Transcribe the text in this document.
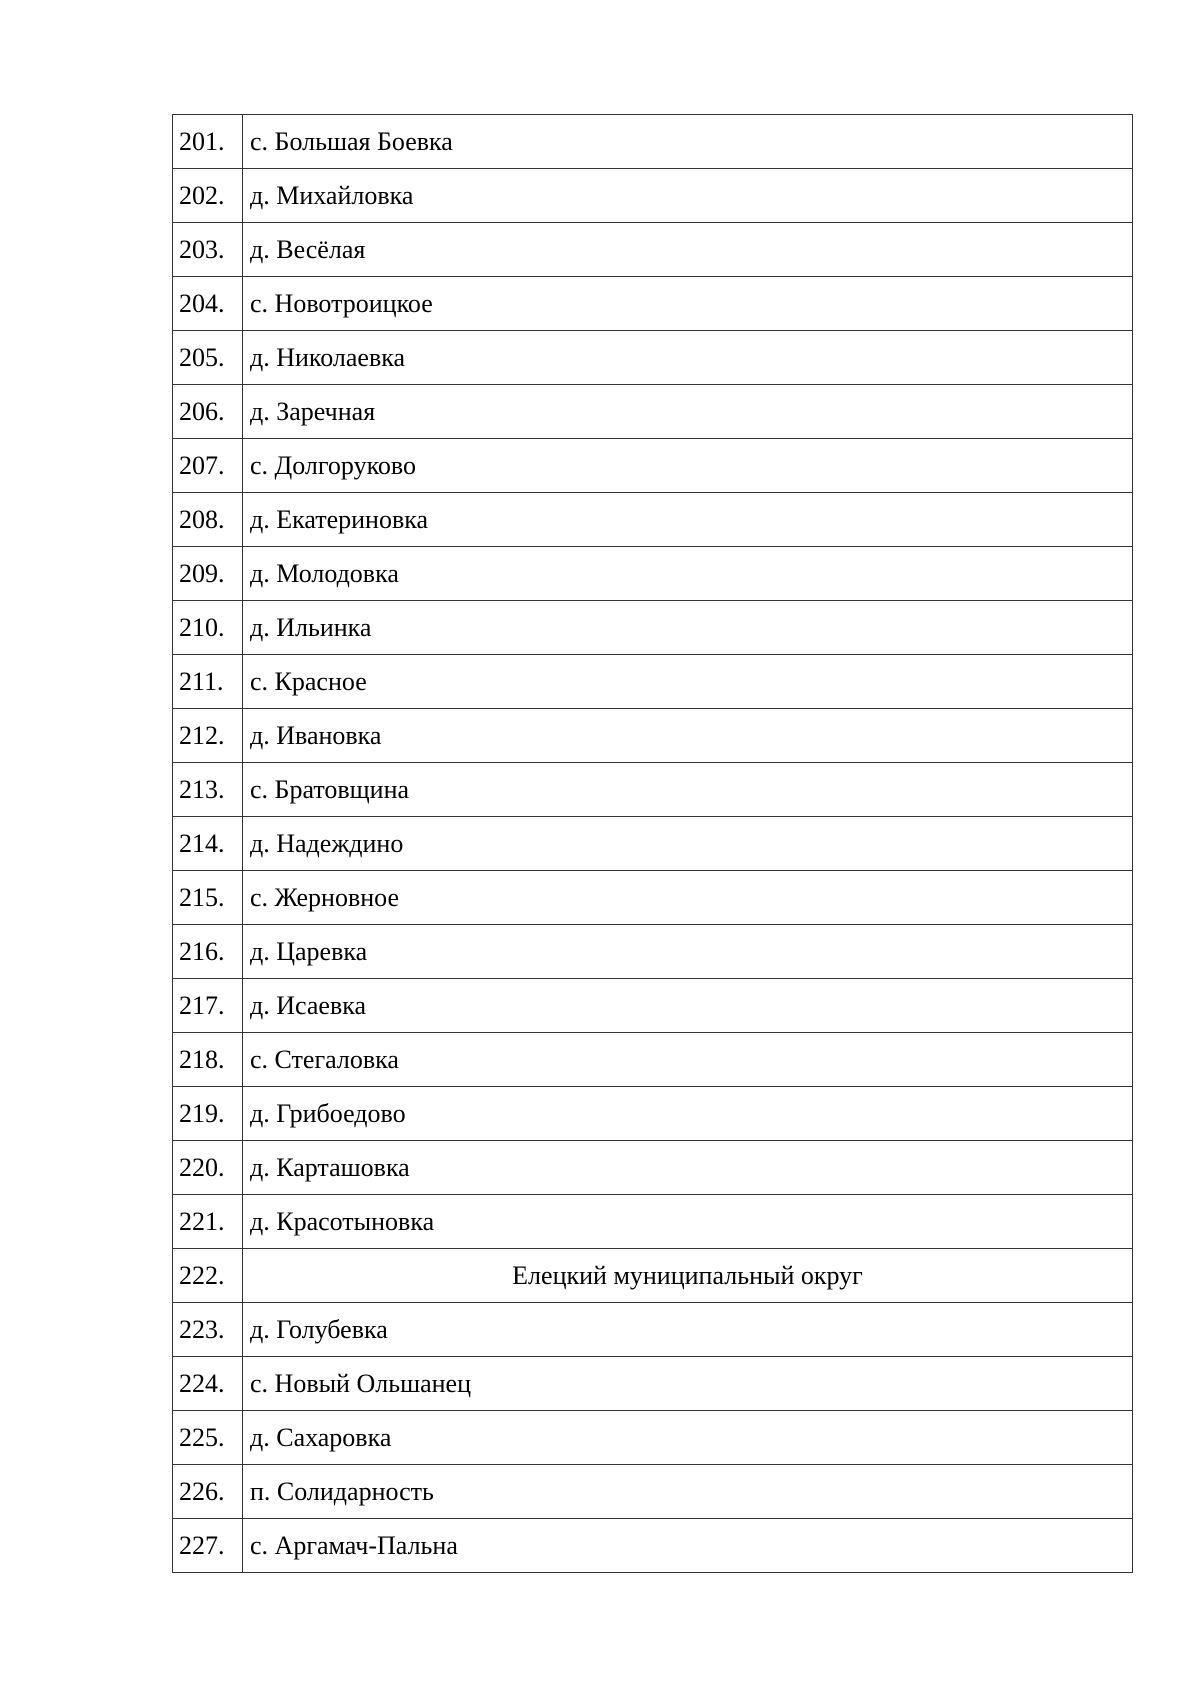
201.	с. Большая Боевка
202.	д. Михайловка
203.	д. Весёлая
204.	с. Новотроицкое
205.	д. Николаевка
206.	д. Заречная
207.	с. Долгоруково
208.	д. Екатериновка
209.	д. Молодовка
210.	д. Ильинка
211.	с. Красное
212.	д. Ивановка
213.	с. Братовщина
214.	д. Надеждино
215.	с. Жерновное
216.	д. Царевка
217.	д. Исаевка
218.	с. Стегаловка
219.	д. Грибоедово
220.	д. Карташовка
221.	д. Красотыновка
222.	Елецкий муниципальный округ
223.	д. Голубевка
224.	с. Новый Ольшанец
225.	д. Сахаровка
226.	п. Солидарность
227.	с. Аргамач-Пальна
